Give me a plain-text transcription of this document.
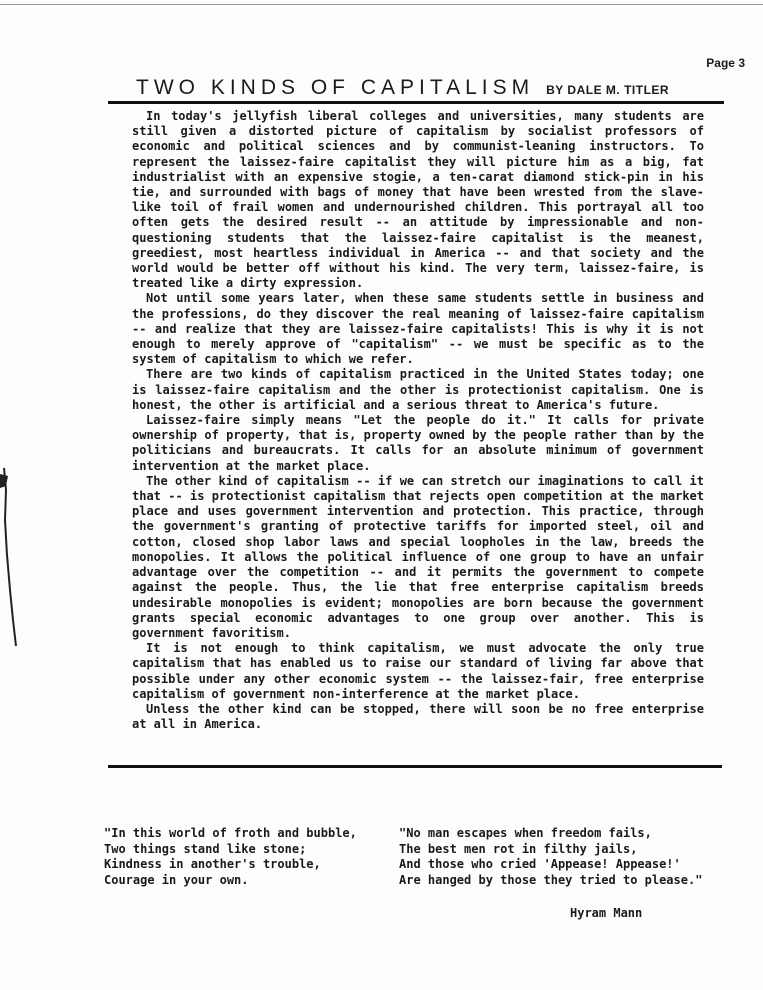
Page 3
TWO KINDS OF CAPITALISM BY DALE M. TITLER

In today's jellyfish liberal colleges and universities, many students are still given a distorted picture of capitalism by socialist professors of economic and political sciences and by communist-leaning instructors. To represent the laissez-faire capitalist they will picture him as a big, fat industrialist with an expensive stogie, a ten-carat diamond stick-pin in his tie, and surrounded with bags of money that have been wrested from the slave-like toil of frail women and undernourished children. This portrayal all too often gets the desired result -- an attitude by impressionable and non-questioning students that the laissez-faire capitalist is the meanest, greediest, most heartless individual in America -- and that society and the world would be better off without his kind. The very term, laissez-faire, is treated like a dirty expression.

Not until some years later, when these same students settle in business and the professions, do they discover the real meaning of laissez-faire capitalism -- and realize that they are laissez-faire capitalists! This is why it is not enough to merely approve of "capitalism" -- we must be specific as to the system of capitalism to which we refer.

There are two kinds of capitalism practiced in the United States today; one is laissez-faire capitalism and the other is protectionist capitalism. One is honest, the other is artificial and a serious threat to America's future.

Laissez-faire simply means "Let the people do it." It calls for private ownership of property, that is, property owned by the people rather than by the politicians and bureaucrats. It calls for an absolute minimum of government intervention at the market place.

The other kind of capitalism -- if we can stretch our imaginations to call it that -- is protectionist capitalism that rejects open competition at the market place and uses government intervention and protection. This practice, through the government's granting of protective tariffs for imported steel, oil and cotton, closed shop labor laws and special loopholes in the law, breeds the monopolies. It allows the political influence of one group to have an unfair advantage over the competition -- and it permits the government to compete against the people. Thus, the lie that free enterprise capitalism breeds undesirable monopolies is evident; monopolies are born because the government grants special economic advantages to one group over another. This is government favoritism.

It is not enough to think capitalism, we must advocate the only true capitalism that has enabled us to raise our standard of living far above that possible under any other economic system -- the laissez-fair, free enterprise capitalism of government non-interference at the market place.

Unless the other kind can be stopped, there will soon be no free enterprise at all in America.

"In this world of froth and bubble,
Two things stand like stone;
Kindness in another's trouble,
Courage in your own.
"No man escapes when freedom fails,
The best men rot in filthy jails,
And those who cried 'Appease! Appease!'
Are hanged by those they tried to please."
Hyram Mann
